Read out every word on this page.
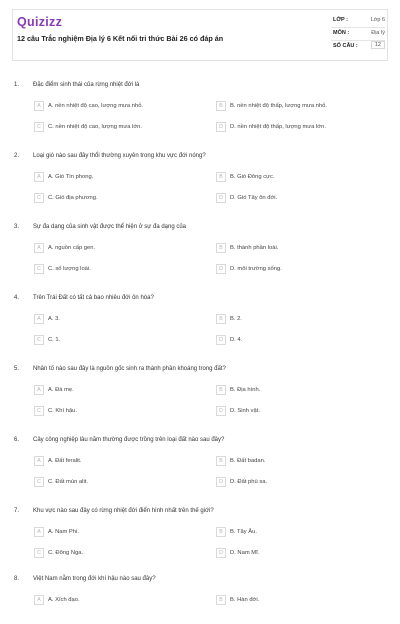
Quizizz
12 câu Trắc nghiệm Địa lý 6 Kết nối tri thức Bài 26 có đáp án
LỚP :	Lớp 6
MÔN :	Địa lý
SỐ CÂU :	12
1. Đặc điểm sinh thái của rừng nhiệt đới là
A	A. nền nhiệt độ cao, lượng mưa nhỏ.	B	B. nền nhiệt độ thấp, lượng mưa nhỏ.
C	C. nền nhiệt độ cao, lượng mưa lớn.	D	D. nền nhiệt độ thấp, lượng mưa lớn.
2. Loại gió nào sau đây thổi thường xuyên trong khu vực đới nóng?
A	A. Gió Tín phong.	B	B. Gió Đông cực.
C	C. Gió địa phương.	D	D. Gió Tây ôn đới.
3. Sự đa dạng của sinh vật được thể hiện ở sự đa dạng của
A	A. nguồn cấp gen.	B	B. thành phần loài.
C	C. số lượng loài.	D	D. môi trường sống.
4. Trên Trái Đất có tất cả bao nhiêu đới ôn hòa?
A	A. 3.	B	B. 2.
C	C. 1.	D	D. 4.
5. Nhân tố nào sau đây là nguồn gốc sinh ra thành phần khoáng trong đất?
A	A. Đá mẹ.	B	B. Địa hình.
C	C. Khí hậu.	D	D. Sinh vật.
6. Cây công nghiệp lâu năm thường được trồng trên loại đất nào sau đây?
A	A. Đất feralit.	B	B. Đất badan.
C	C. Đất mùn alit.	D	D. Đất phù sa.
7. Khu vực nào sau đây có rừng nhiệt đới điển hình nhất trên thế giới?
A	A. Nam Phi.	B	B. Tây Âu.
C	C. Đông Nga.	D	D. Nam Mĩ.
8. Việt Nam nằm trong đới khí hậu nào sau đây?
A	A. Xích đạo.	B	B. Hàn đới.
